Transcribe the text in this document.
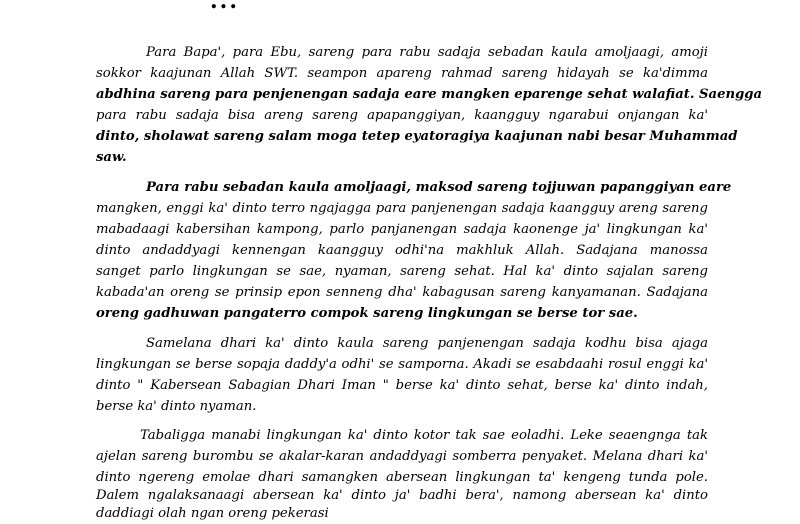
Para Bapa', para Ebu, sareng para rabu sadaja sebadan kaula amoljaagi, amoji
sokkor kaajunan Allah SWT. seampon apareng rahmad sareng hidayah se ka'dimma
abdhina sareng para penjenengan sadaja eare mangken eparenge sehat walafiat. Saengga
para rabu sadaja bisa areng sareng apapanggiyan, kaangguy ngarabui onjangan ka'
dinto, sholawat sareng salam moga tetep eyatoragiya kaajunan nabi besar Muhammad
saw.
Para rabu sebadan kaula amoljaagi, maksod sareng tojjuwan papanggiyan eare
mangken, enggi ka' dinto terro ngajagga para panjenengan sadaja kaangguy areng sareng
mabadaagi kabersihan kampong, parlo panjanengan sadaja kaonenge ja' lingkungan ka'
dinto andaddyagi kennengan kaangguy odhi'na makhluk Allah. Sadajana manossa
sanget parlo lingkungan se sae, nyaman, sareng sehat. Hal ka' dinto sajalan sareng
kabada'an oreng se prinsip epon senneng dha' kabagusan sareng kanyamanan. Sadajana
oreng gadhuwan pangaterro compok sareng lingkungan se berse tor sae.
Samelana dhari ka' dinto kaula sareng panjenengan sadaja kodhu bisa ajaga
lingkungan se berse sopaja daddy'a odhi' se samporna. Akadi se esabdaahi rosul enggi ka'
dinto " Kabersean Sabagian Dhari Iman " berse ka' dinto sehat, berse ka' dinto indah,
berse ka' dinto nyaman.
Tabaligga manabi lingkungan ka' dinto kotor tak sae eoladhi. Leke seaengnga tak
ajelan sareng burombu se akalar-karan andaddyagi somberra penyaket. Melana dhari ka'
dinto ngereng emolae dhari samangken abersean lingkungan ta' kengeng tunda pole.
Dalem ngalaksanaagi abersean ka' dinto ja' badhi bera', namong abersean ka' dinto
daddiagi olah ngan oreng pekerasi
